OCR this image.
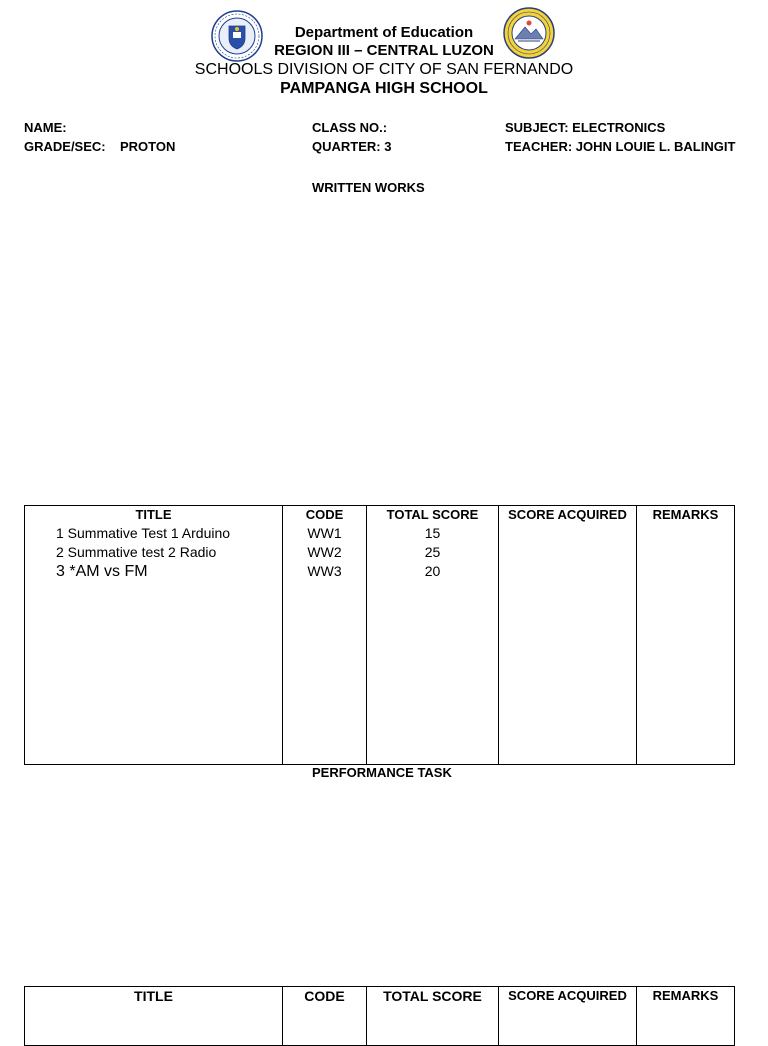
Department of Education
REGION III – CENTRAL LUZON
SCHOOLS DIVISION OF CITY OF SAN FERNANDO
PAMPANGA HIGH SCHOOL
NAME:
GRADE/SEC: PROTON
CLASS NO.:
QUARTER: 3
SUBJECT: ELECTRONICS
TEACHER: JOHN LOUIE L. BALINGIT
WRITTEN WORKS
TITLE	CODE	TOTAL SCORE	SCORE ACQUIRED	REMARKS
1 Summative Test 1 Arduino	WW1	15		
2 Summative test 2 Radio	WW2	25		
3 *AM vs FM	WW3	20		

PERFORMANCE TASK
TITLE	CODE	TOTAL SCORE	SCORE ACQUIRED	REMARKS
